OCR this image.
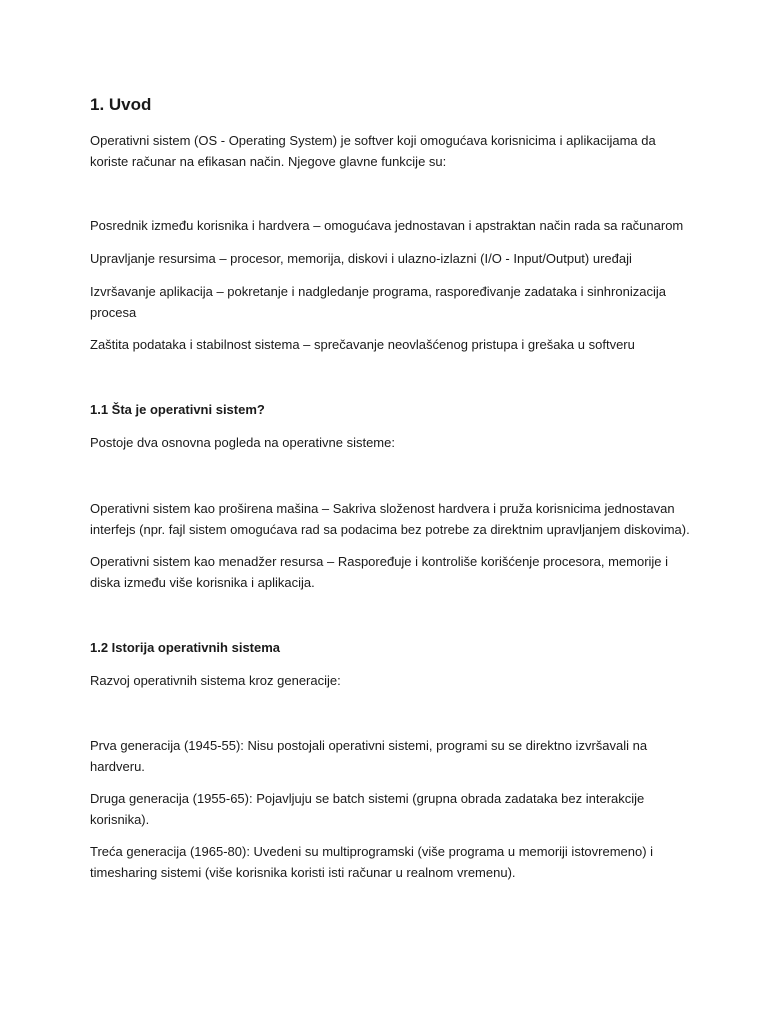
1. Uvod

Operativni sistem (OS - Operating System) je softver koji omogućava korisnicima i aplikacijama da koriste računar na efikasan način. Njegove glavne funkcije su:

Posrednik između korisnika i hardvera – omogućava jednostavan i apstraktan način rada sa računarom

Upravljanje resursima – procesor, memorija, diskovi i ulazno-izlazni (I/O - Input/Output) uređaji

Izvršavanje aplikacija – pokretanje i nadgledanje programa, raspoređivanje zadataka i sinhronizacija procesa

Zaštita podataka i stabilnost sistema – sprečavanje neovlašćenog pristupa i grešaka u softveru

1.1 Šta je operativni sistem?

Postoje dva osnovna pogleda na operativne sisteme:

Operativni sistem kao proširena mašina – Sakriva složenost hardvera i pruža korisnicima jednostavan interfejs (npr. fajl sistem omogućava rad sa podacima bez potrebe za direktnim upravljanjem diskovima).

Operativni sistem kao menadžer resursa – Raspoređuje i kontroliše korišćenje procesora, memorije i diska između više korisnika i aplikacija.

1.2 Istorija operativnih sistema

Razvoj operativnih sistema kroz generacije:

Prva generacija (1945-55): Nisu postojali operativni sistemi, programi su se direktno izvršavali na hardveru.

Druga generacija (1955-65): Pojavljuju se batch sistemi (grupna obrada zadataka bez interakcije korisnika).

Treća generacija (1965-80): Uvedeni su multiprogramski (više programa u memoriji istovremeno) i timesharing sistemi (više korisnika koristi isti računar u realnom vremenu).
